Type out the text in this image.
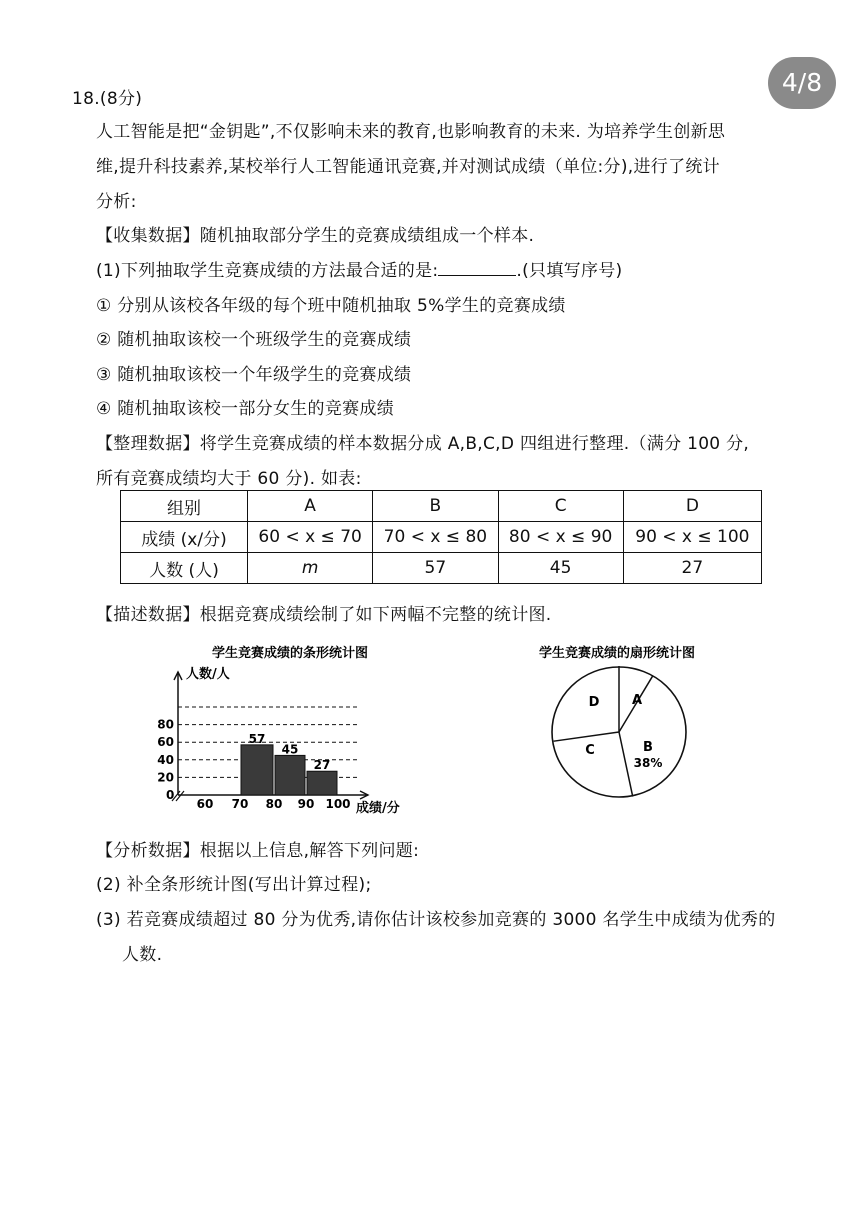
4/8
18.(8分)
人工智能是把“金钥匙”,不仅影响未来的教育,也影响教育的未来. 为培养学生创新思
维,提升科技素养,某校举行人工智能通讯竞赛,并对测试成绩（单位:分),进行了统计
分析:
【收集数据】随机抽取部分学生的竞赛成绩组成一个样本.
(1)下列抽取学生竞赛成绩的方法最合适的是:	.(只填写序号)
① 分别从该校各年级的每个班中随机抽取 5%学生的竞赛成绩
② 随机抽取该校一个班级学生的竞赛成绩
③ 随机抽取该校一个年级学生的竞赛成绩
④ 随机抽取该校一部分女生的竞赛成绩
【整理数据】将学生竞赛成绩的样本数据分成 A,B,C,D 四组进行整理.（满分 100 分,
所有竞赛成绩均大于 60 分). 如表:
组别	A	B	C	D
成绩 (x/分)	60 < x ≤ 70	70 < x ≤ 80	80 < x ≤ 90	90 < x ≤ 100
人数 (人)	m	57	45	27
【描述数据】根据竞赛成绩绘制了如下两幅不完整的统计图.
学生竞赛成绩的条形统计图
人数/人
成绩/分
0
20
40
60
80
60 70 80 90 100
57
45
27
学生竞赛成绩的扇形统计图
A
B
38%
C
D
【分析数据】根据以上信息,解答下列问题:
(2) 补全条形统计图(写出计算过程);
(3) 若竞赛成绩超过 80 分为优秀,请你估计该校参加竞赛的 3000 名学生中成绩为优秀的
人数.
